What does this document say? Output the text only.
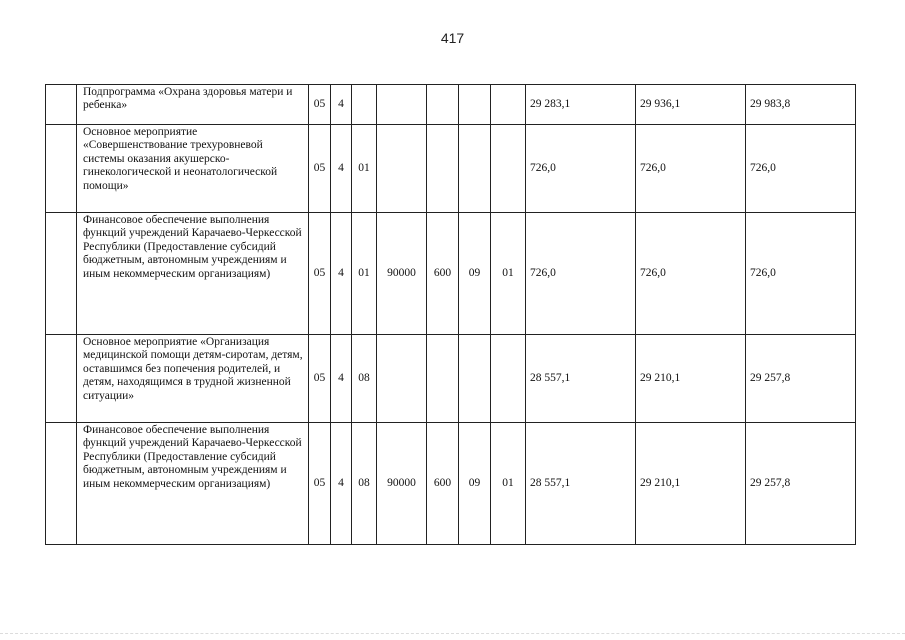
417
	Подпрограмма «Охрана здоровья матери и ребенка»	05	4						29 283,1	29 936,1	29 983,8
	Основное мероприятие «Совершенствование трехуровневой системы оказания акушерско-гинекологической и неонатологической помощи»	05	4	01					726,0	726,0	726,0
	Финансовое обеспечение выполнения функций учреждений Карачаево-Черкесской Республики (Предоставление субсидий бюджетным, автономным учреждениям и иным некоммерческим организациям)	05	4	01	90000	600	09	01	726,0	726,0	726,0
	Основное мероприятие «Организация медицинской помощи детям-сиротам, детям, оставшимся без попечения родителей, и детям, находящимся в трудной жизненной ситуации»	05	4	08					28 557,1	29 210,1	29 257,8
	Финансовое обеспечение выполнения функций учреждений Карачаево-Черкесской Республики (Предоставление субсидий бюджетным, автономным учреждениям и иным некоммерческим организациям)	05	4	08	90000	600	09	01	28 557,1	29 210,1	29 257,8
